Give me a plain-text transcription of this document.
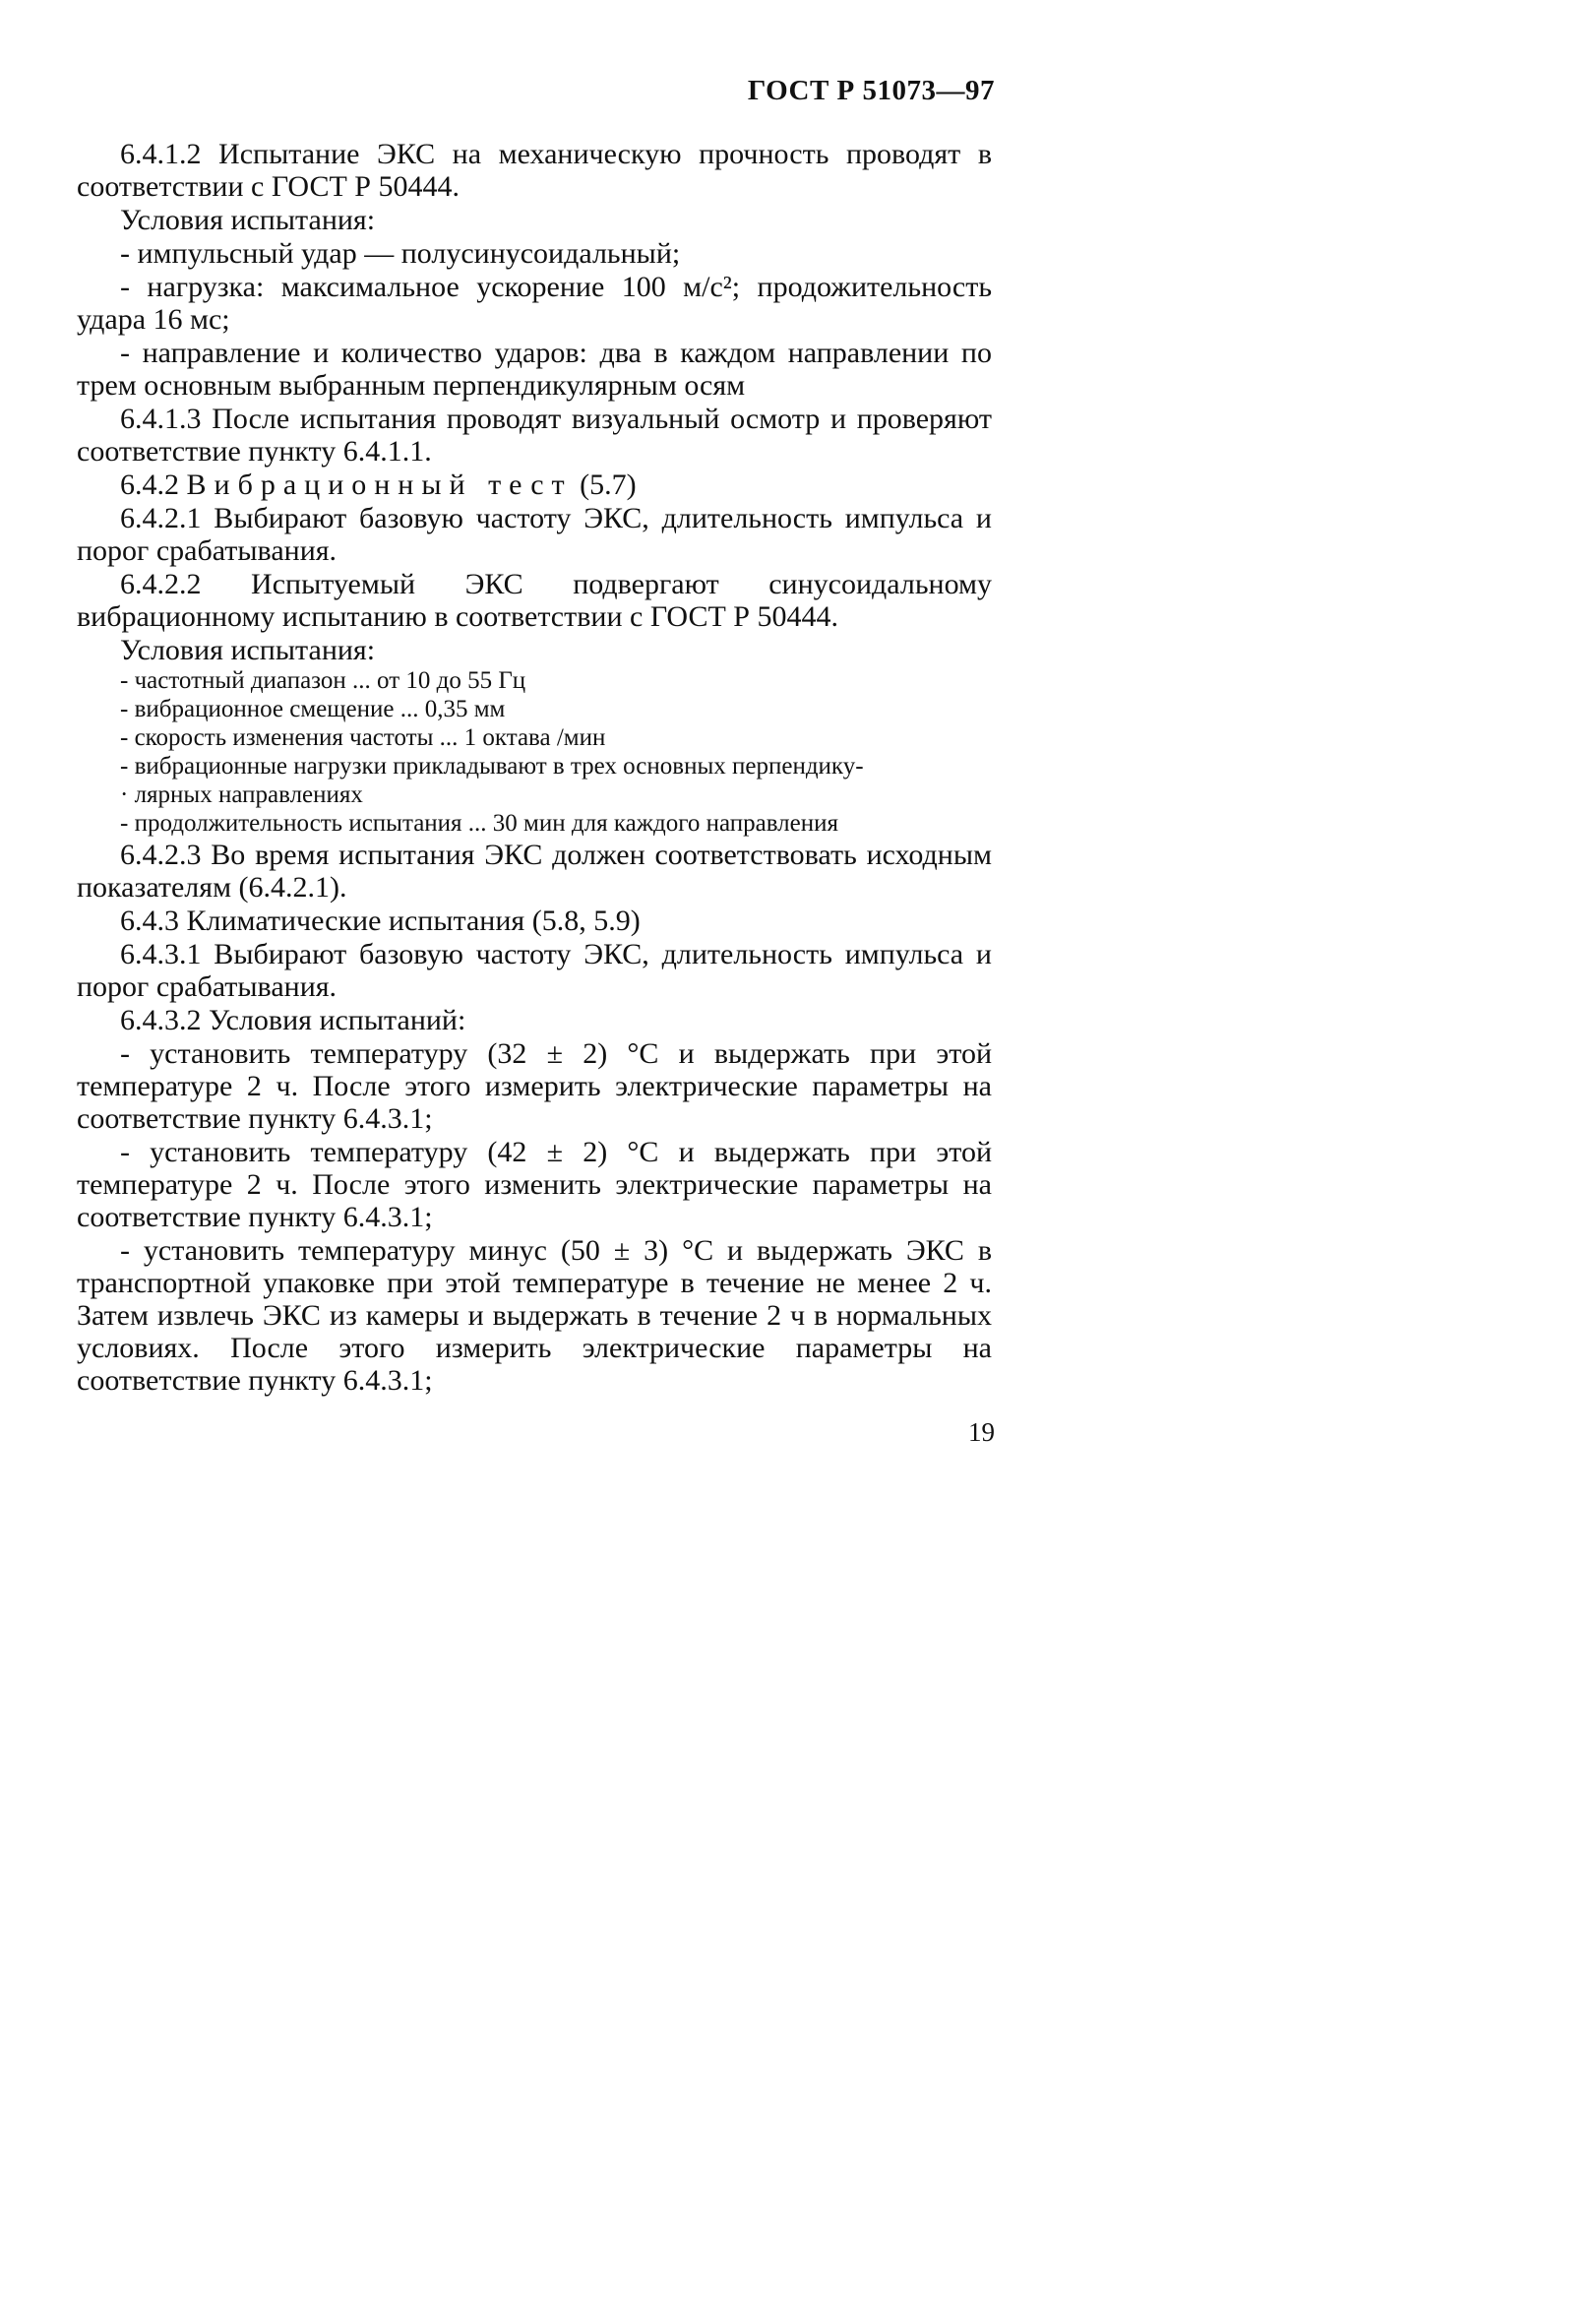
ГОСТ Р 51073—97

6.4.1.2 Испытание ЭКС на механическую прочность проводят в соответствии с ГОСТ Р 50444.

Условия испытания:

- импульсный удар — полусинусоидальный;

- нагрузка: максимальное ускорение 100 м/с²; продожительность удара 16 мс;

- направление и количество ударов: два в каждом направлении по трем основным выбранным перпендикулярным осям

6.4.1.3 После испытания проводят визуальный осмотр и проверяют соответствие пункту 6.4.1.1.

6.4.2 Вибрационный тест (5.7)

6.4.2.1 Выбирают базовую частоту ЭКС, длительность импульса и порог срабатывания.

6.4.2.2 Испытуемый ЭКС подвергают синусоидальному вибрационному испытанию в соответствии с ГОСТ Р 50444.

Условия испытания:

- частотный диапазон ... от 10 до 55 Гц

- вибрационное смещение ... 0,35 мм

- скорость изменения частоты ... 1 октава /мин

- вибрационные нагрузки прикладывают в трех основных перпендику-

· лярных направлениях

- продолжительность испытания ... 30 мин для каждого направления

6.4.2.3 Во время испытания ЭКС должен соответствовать исходным показателям (6.4.2.1).

6.4.3 Климатические испытания (5.8, 5.9)

6.4.3.1 Выбирают базовую частоту ЭКС, длительность импульса и порог срабатывания.

6.4.3.2 Условия испытаний:

- установить температуру (32 ± 2) °С и выдержать при этой температуре 2 ч. После этого измерить электрические параметры на соответствие пункту 6.4.3.1;

- установить температуру (42 ± 2) °С и выдержать при этой температуре 2 ч. После этого изменить электрические параметры на соответствие пункту 6.4.3.1;

- установить температуру минус (50 ± 3) °С и выдержать ЭКС в транспортной упаковке при этой температуре в течение не менее 2 ч. Затем извлечь ЭКС из камеры и выдержать в течение 2 ч в нормальных условиях. После этого измерить электрические параметры на соответствие пункту 6.4.3.1;

19
